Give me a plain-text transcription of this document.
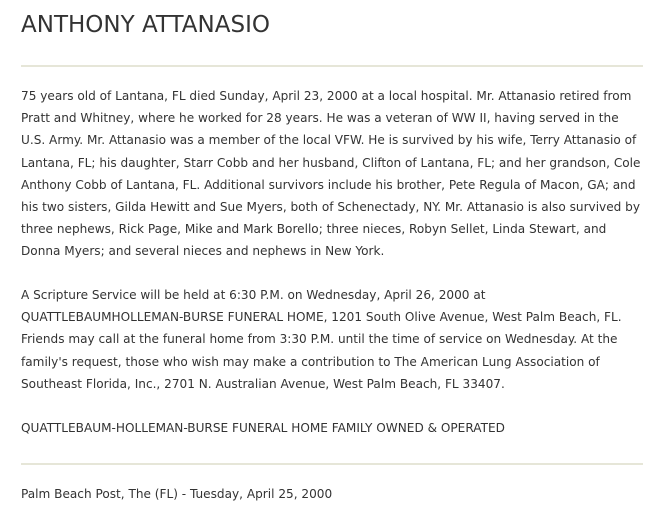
ANTHONY ATTANASIO

75 years old of Lantana, FL died Sunday, April 23, 2000 at a local hospital. Mr. Attanasio retired from Pratt and Whitney, where he worked for 28 years. He was a veteran of WW II, having served in the U.S. Army. Mr. Attanasio was a member of the local VFW. He is survived by his wife, Terry Attanasio of Lantana, FL; his daughter, Starr Cobb and her husband, Clifton of Lantana, FL; and her grandson, Cole Anthony Cobb of Lantana, FL. Additional survivors include his brother, Pete Regula of Macon, GA; and his two sisters, Gilda Hewitt and Sue Myers, both of Schenectady, NY. Mr. Attanasio is also survived by three nephews, Rick Page, Mike and Mark Borello; three nieces, Robyn Sellet, Linda Stewart, and Donna Myers; and several nieces and nephews in New York.

A Scripture Service will be held at 6:30 P.M. on Wednesday, April 26, 2000 at QUATTLEBAUMHOLLEMAN-BURSE FUNERAL HOME, 1201 South Olive Avenue, West Palm Beach, FL. Friends may call at the funeral home from 3:30 P.M. until the time of service on Wednesday. At the family's request, those who wish may make a contribution to The American Lung Association of Southeast Florida, Inc., 2701 N. Australian Avenue, West Palm Beach, FL 33407.

QUATTLEBAUM-HOLLEMAN-BURSE FUNERAL HOME FAMILY OWNED & OPERATED

Palm Beach Post, The (FL) - Tuesday, April 25, 2000
